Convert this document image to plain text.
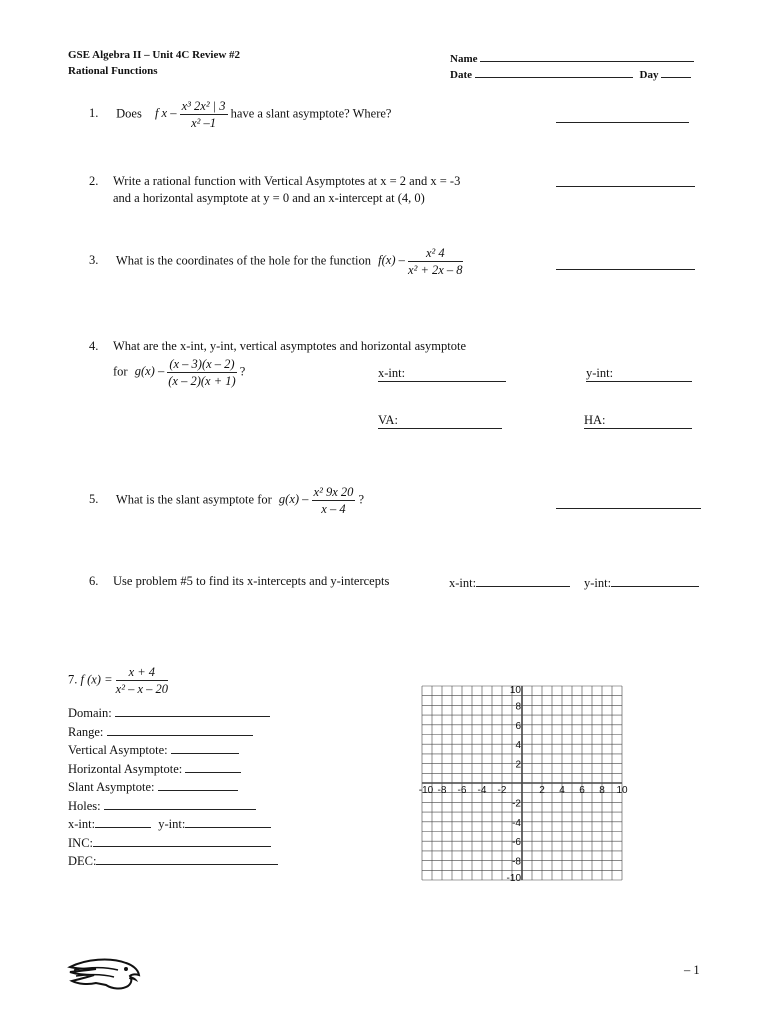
GSE Algebra II – Unit 4C Review #2
Rational Functions
Name
Date	Day
1. Does f x – $\frac{\text{x³ 2x² | 3}}{\text{x² –1}}$ have a slant asymptote? Where?
2. Write a rational function with Vertical Asymptotes at x = 2 and x = -3
and a horizontal asymptote at y = 0 and an x-intercept at (4, 0)
3. What is the coordinates of the hole for the function $f(x) - \frac{\text{x² 4}}{\text{x² + 2x – 8}}$
4. What are the x-int, y-int, vertical asymptotes and horizontal asymptote
for $g(x) - \frac{(x - 3)(x - 2)}{(x - 2)(x + 1)}$ ?	x-int:	y-int:
VA:	HA:
5. What is the slant asymptote for $g(x) - \frac{\text{x² 9x 20}}{x - 4}$ ?
6. Use problem #5 to find its x-intercepts and y-intercepts	x-int:	y-int:
7. f $(x) = \frac{x + 4}{\text{x² – x – 20}}$
Domain:
Range:
Vertical Asymptote:
Horizontal Asymptote:
Slant Asymptote:
Holes:
x-int:	y-int:
INC:
DEC:
-10 -8 -6 -4 -2	2 4 6 8 10
10
8
6
4
2
-2
-4
-6
-8
-10
– 1
